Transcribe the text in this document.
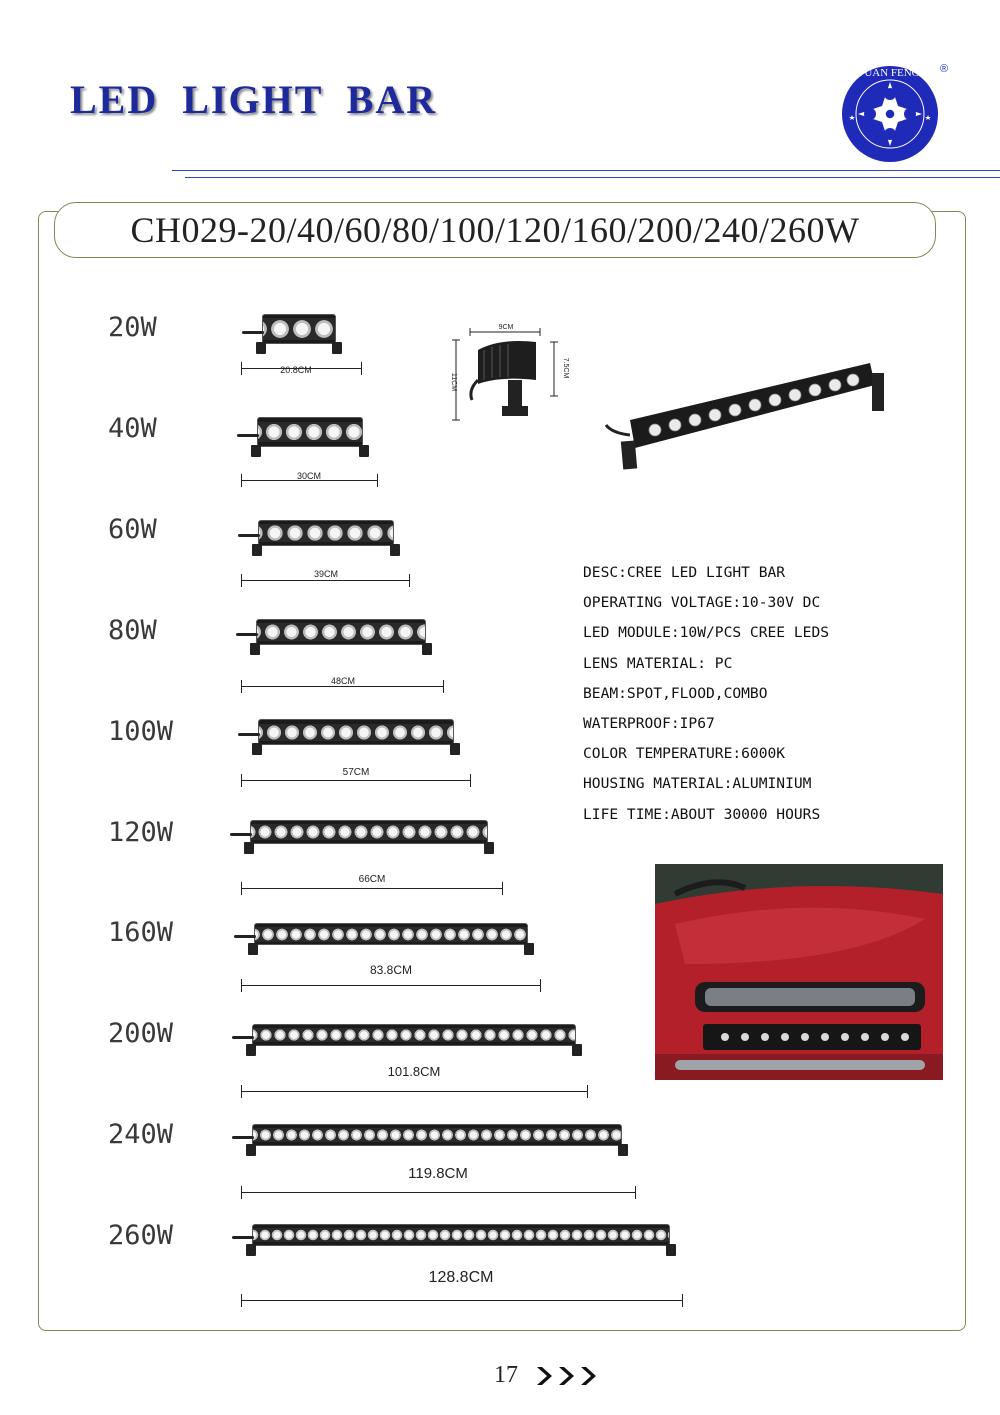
LED LIGHT BAR
YUAN FENG ®
CH029-20/40/60/80/100/120/160/200/240/260W
20W
40W
60W
80W
100W
120W
160W
200W
240W
260W
20.8CM
30CM
39CM
48CM
57CM
66CM
83.8CM
101.8CM
119.8CM
128.8CM
9CM
11CM
7.5CM
DESC:CREE LED LIGHT BAR
OPERATING VOLTAGE:10-30V DC
LED MODULE:10W/PCS CREE LEDS
LENS MATERIAL: PC
BEAM:SPOT,FLOOD,COMBO
WATERPROOF:IP67
COLOR TEMPERATURE:6000K
HOUSING MATERIAL:ALUMINIUM
LIFE TIME:ABOUT 30000 HOURS
17
